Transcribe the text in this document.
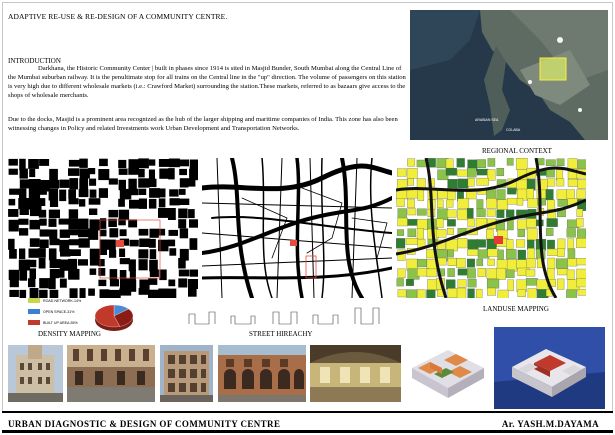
ADAPTIVE RE-USE & RE-DESIGN OF A COMMUNITY CENTRE.
INTRODUCTION
Darkhana, the Historic Community Center | built in phases since 1914 is sited in Masjid Bunder, South Mumbai along the Central Line of the Mumbai suburban railway. It is the penultimate stop for all trains on the Central line in the "up" direction. The volume of passengers on this station is very high due to different wholesale markets (i.e.: Crawford Market) surrounding the station.These markets, referred to as bazaars give access to the shops of wholesale merchants.
Due to the docks, Masjid is a prominent area recognized as the hub of the larger shipping and maritime companies of India. This zone has also been witnessing changes in Policy and related Investments work Urban Development and Transportation Networks.
ARABIAN SEA
COLABA
REGIONAL CONTEXT
ROAD NETWORK-14%
OPEN SPACE-31%
BUILT UP AREA-55%
DENSITY MAPPING	STREET HIREACHY
LANDUSE MAPPING
URBAN DIAGNOSTIC & DESIGN OF COMMUNITY CENTRE	Ar. YASH.M.DAYAMA
